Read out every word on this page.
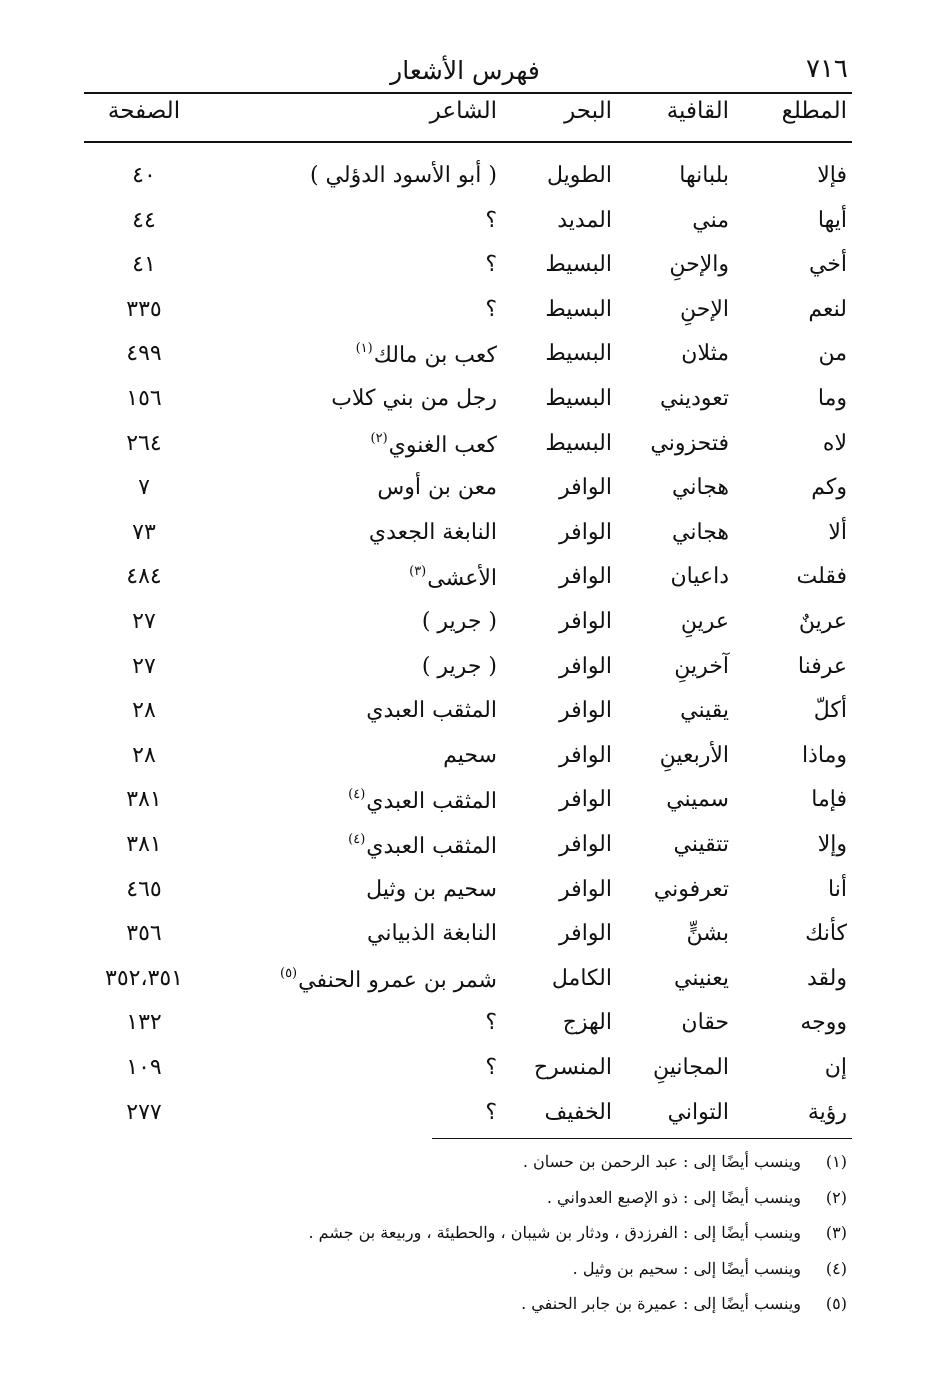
٧١٦
فهرس الأشعار
المطلع
القافية
البحر
الشاعر
الصفحة
فإلا
بلبانها
الطويل
( أبو الأسود الدؤلي )
٤٠
أيها
مني
المديد
؟
٤٤
أخي
والإحنِ
البسيط
؟
٤١
لنعم
الإحنِ
البسيط
؟
٣٣٥
من
مثلان
البسيط
كعب بن مالك$^{(١)}$
٤٩٩
وما
تعوديني
البسيط
رجل من بني كلاب
١٥٦
لاه
فتحزوني
البسيط
كعب الغنوي$^{(٢)}$
٢٦٤
وكم
هجاني
الوافر
معن بن أوس
٧
ألا
هجاني
الوافر
النابغة الجعدي
٧٣
فقلت
داعيان
الوافر
الأعشى$^{(٣)}$
٤٨٤
عرينٌ
عرينِ
الوافر
( جرير )
٢٧
عرفنا
آخرينِ
الوافر
( جرير )
٢٧
أكلّ
يقيني
الوافر
المثقب العبدي
٢٨
وماذا
الأربعينِ
الوافر
سحيم
٢٨
فإما
سميني
الوافر
المثقب العبدي$^{(٤)}$
٣٨١
وإلا
تتقيني
الوافر
المثقب العبدي$^{(٤)}$
٣٨١
أنا
تعرفوني
الوافر
سحيم بن وثيل
٤٦٥
كأنك
بشنٍّ
الوافر
النابغة الذبياني
٣٥٦
ولقد
يعنيني
الكامل
شمر بن عمرو الحنفي$^{(٥)}$
٣٥٢،٣٥١
ووجه
حقان
الهزج
؟
١٣٢
إن
المجانينِ
المنسرح
؟
١٠٩
رؤية
التواني
الخفيف
؟
٢٧٧
(١)وينسب أيضًا إلى : عبد الرحمن بن حسان .
(٢)وينسب أيضًا إلى : ذو الإصبع العدواني .
(٣)وينسب أيضًا إلى : الفرزدق ، ودثار بن شيبان ، والحطيئة ، وربيعة بن جشم .
(٤)وينسب أيضًا إلى : سحيم بن وثيل .
(٥)وينسب أيضًا إلى : عميرة بن جابر الحنفي .
